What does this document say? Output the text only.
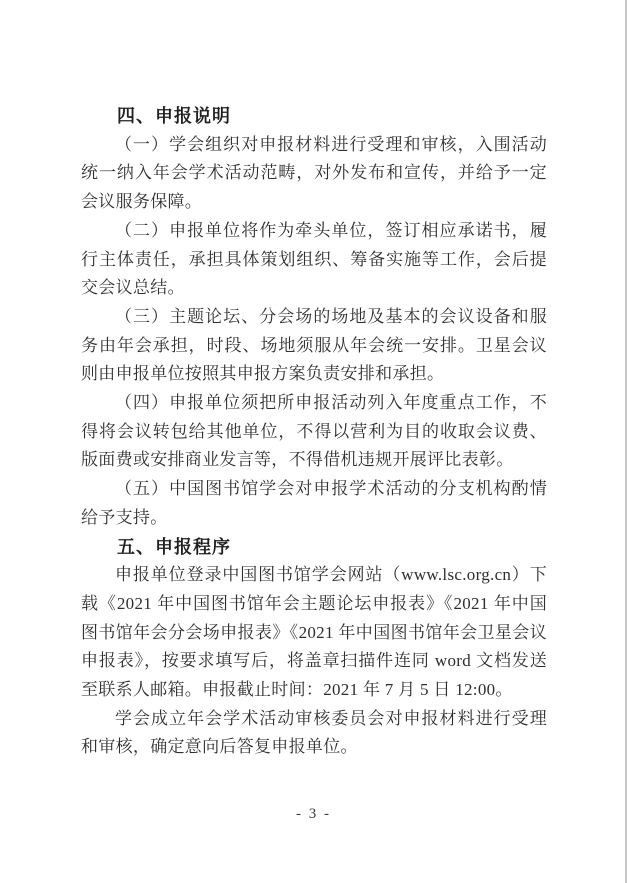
四、申报说明

（一）学会组织对申报材料进行受理和审核，入围活动统一纳入年会学术活动范畴，对外发布和宣传，并给予一定会议服务保障。

（二）申报单位将作为牵头单位，签订相应承诺书，履行主体责任，承担具体策划组织、筹备实施等工作，会后提交会议总结。

（三）主题论坛、分会场的场地及基本的会议设备和服务由年会承担，时段、场地须服从年会统一安排。卫星会议则由申报单位按照其申报方案负责安排和承担。

（四）申报单位须把所申报活动列入年度重点工作，不得将会议转包给其他单位，不得以营利为目的收取会议费、版面费或安排商业发言等，不得借机违规开展评比表彰。

（五）中国图书馆学会对申报学术活动的分支机构酌情给予支持。

五、申报程序

申报单位登录中国图书馆学会网站（www.lsc.org.cn）下载《2021 年中国图书馆年会主题论坛申报表》《2021 年中国图书馆年会分会场申报表》《2021 年中国图书馆年会卫星会议申报表》，按要求填写后，将盖章扫描件连同 word 文档发送至联系人邮箱。申报截止时间：2021 年 7 月 5 日 12:00。

学会成立年会学术活动审核委员会对申报材料进行受理和审核，确定意向后答复申报单位。

- 3 -
